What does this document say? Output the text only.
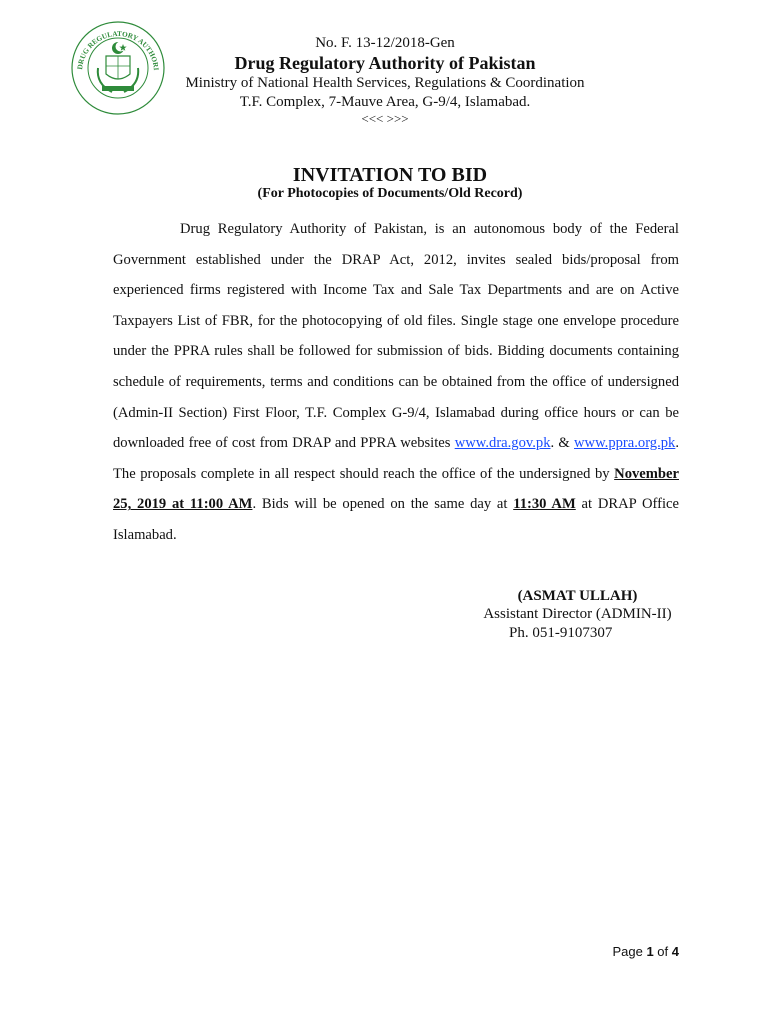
DRUG REGULATORY AUTHORI
No. F. 13-12/2018-Gen
Drug Regulatory Authority of Pakistan
Ministry of National Health Services, Regulations & Coordination
T.F. Complex, 7-Mauve Area, G-9/4, Islamabad.
<<< >>>
INVITATION TO BID
(For Photocopies of Documents/Old Record)
Drug Regulatory Authority of Pakistan, is an autonomous body of the Federal Government established under the DRAP Act, 2012, invites sealed bids/proposal from experienced firms registered with Income Tax and Sale Tax Departments and are on Active Taxpayers List of FBR, for the photocopying of old files. Single stage one envelope procedure under the PPRA rules shall be followed for submission of bids. Bidding documents containing schedule of requirements, terms and conditions can be obtained from the office of undersigned (Admin-II Section) First Floor, T.F. Complex G-9/4, Islamabad during office hours or can be downloaded free of cost from DRAP and PPRA websites www.dra.gov.pk. & www.ppra.org.pk. The proposals complete in all respect should reach the office of the undersigned by November 25, 2019 at 11:00 AM. Bids will be opened on the same day at 11:30 AM at DRAP Office Islamabad.
(ASMAT ULLAH)
Assistant Director (ADMIN-II)
Ph. 051-9107307
Page 1 of 4
